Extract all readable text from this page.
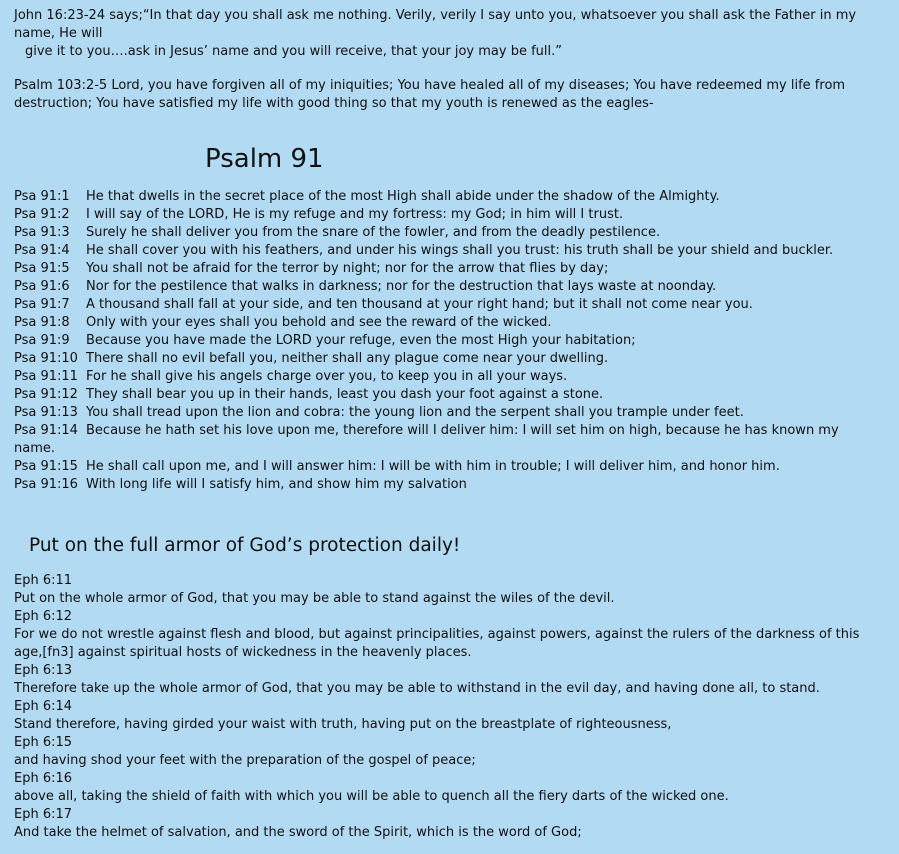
John 16:23-24 says;“In that day you shall ask me nothing. Verily, verily I say unto you, whatsoever you shall ask the Father in my name, He will

give it to you….ask in Jesus’ name and you will receive, that your joy may be full.”

Psalm 103:2-5 Lord, you have forgiven all of my iniquities; You have healed all of my diseases; You have redeemed my life from destruction; You have satisfied my life with good thing so that my youth is renewed as the eagles-

Psalm 91
Psa 91:1	He that dwells in the secret place of the most High shall abide under the shadow of the Almighty.
Psa 91:2	I will say of the LORD, He is my refuge and my fortress: my God; in him will I trust.
Psa 91:3	Surely he shall deliver you from the snare of the fowler, and from the deadly pestilence.
Psa 91:4	He shall cover you with his feathers, and under his wings shall you trust: his truth shall be your shield and buckler.
Psa 91:5	You shall not be afraid for the terror by night; nor for the arrow that flies by day;
Psa 91:6	Nor for the pestilence that walks in darkness; nor for the destruction that lays waste at noonday.
Psa 91:7	A thousand shall fall at your side, and ten thousand at your right hand; but it shall not come near you.
Psa 91:8	Only with your eyes shall you behold and see the reward of the wicked.
Psa 91:9	Because you have made the LORD your refuge, even the most High your habitation;
Psa 91:10 There shall no evil befall you, neither shall any plague come near your dwelling.
Psa 91:11 For he shall give his angels charge over you, to keep you in all your ways.
Psa 91:12 They shall bear you up in their hands, least you dash your foot against a stone.
Psa 91:13 You shall tread upon the lion and cobra: the young lion and the serpent shall you trample under feet.
Psa 91:14 Because he hath set his love upon me, therefore will I deliver him: I will set him on high, because he has known my

name.

Psa 91:15 He shall call upon me, and I will answer him: I will be with him in trouble; I will deliver him, and honor him.
Psa 91:16 With long life will I satisfy him, and show him my salvation
Put on the full armor of God’s protection daily!

Eph 6:11

Put on the whole armor of God, that you may be able to stand against the wiles of the devil.

Eph 6:12

For we do not wrestle against flesh and blood, but against principalities, against powers, against the rulers of the darkness of this age,[fn3] against spiritual hosts of wickedness in the heavenly places.

Eph 6:13

Therefore take up the whole armor of God, that you may be able to withstand in the evil day, and having done all, to stand.

Eph 6:14

Stand therefore, having girded your waist with truth, having put on the breastplate of righteousness,

Eph 6:15

and having shod your feet with the preparation of the gospel of peace;

Eph 6:16

above all, taking the shield of faith with which you will be able to quench all the fiery darts of the wicked one.

Eph 6:17

And take the helmet of salvation, and the sword of the Spirit, which is the word of God;
